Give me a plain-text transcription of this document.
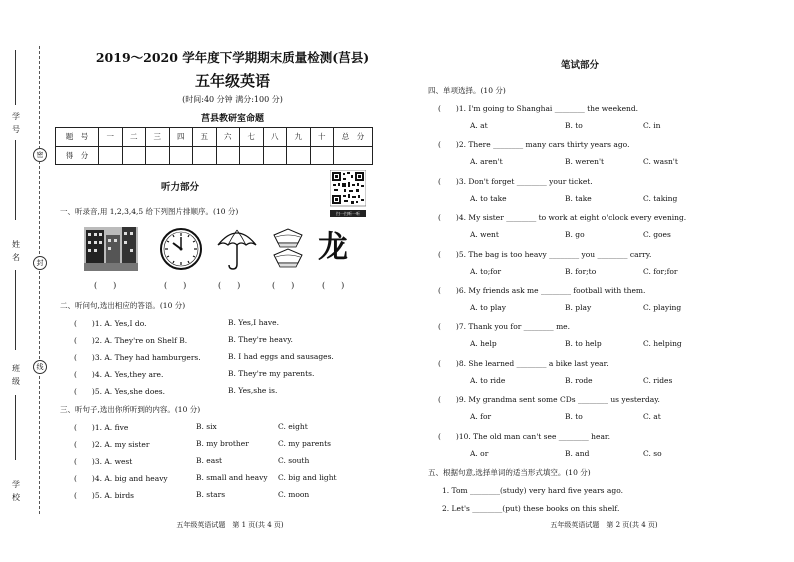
学
号
姓
名
班
级
学
校
密
封
线
2019～2020 学年度下学期期末质量检测(莒县)
五年级英语
(时间:40 分钟 满分:100 分)
莒县教研室命题
题　号	一	二	三	四	五	六	七	八	九	十	总　分
得　分											
扫一扫听一听
听力部分
一、听录音,用 1,2,3,4,5 给下列图片排顺序。(10 分)
龙
(　　)	(　　)	(　　)	(　　)	(　　)
二、听问句,选出相应的答语。(10 分)
(　　)1. A. Yes,I do.	B. Yes,I have.
(　　)2. A. They're on Shelf B.	B. They're heavy.
(　　)3. A. They had hamburgers.	B. I had eggs and sausages.
(　　)4. A. Yes,they are.	B. They're my parents.
(　　)5. A. Yes,she does.	B. Yes,she is.
三、听句子,选出你所听到的内容。(10 分)
(　　)1. A. five	B. six	C. eight
(　　)2. A. my sister	B. my brother	C. my parents
(　　)3. A. west	B. east	C. south
(　　)4. A. big and heavy	B. small and heavy C. big and light
(　　)5. A. birds	B. stars	C. moon
五年级英语试题　第 1 页(共 4 页)
笔试部分
四、单项选择。(10 分)
(　　)1. I'm going to Shanghai ________ the weekend.
A. at	B. to	C. in
(　　)2. There ________ many cars thirty years ago.
A. aren't	B. weren't	C. wasn't
(　　)3. Don't forget ________ your ticket.
A. to take	B. take	C. taking
(　　)4. My sister ________ to work at eight o'clock every evening.
A. went	B. go	C. goes
(　　)5. The bag is too heavy ________ you ________ carry.
A. to;for	B. for;to	C. for;for
(　　)6. My friends ask me ________ football with them.
A. to play	B. play	C. playing
(　　)7. Thank you for ________ me.
A. help	B. to help	C. helping
(　　)8. She learned ________ a bike last year.
A. to ride	B. rode	C. rides
(　　)9. My grandma sent some CDs ________ us yesterday.
A. for	B. to	C. at
(　　)10. The old man can't see ________ hear.
A. or	B. and	C. so
五、根据句意,选择单词的适当形式填空。(10 分)
1. Tom ________(study) very hard five years ago.
2. Let's ________(put) these books on this shelf.
五年级英语试题　第 2 页(共 4 页)
